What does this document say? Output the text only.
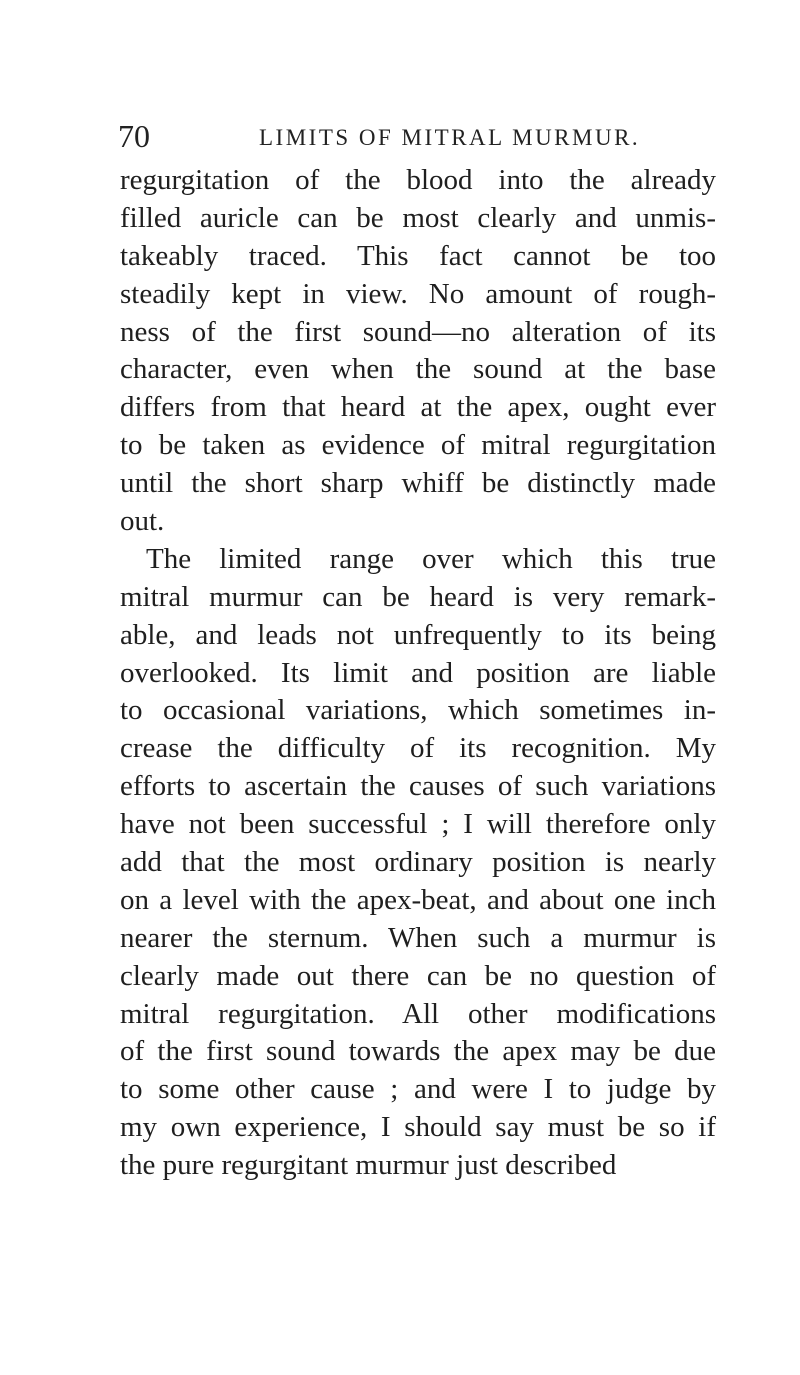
70	LIMITS OF MITRAL MURMUR.
regurgitation of the blood into the already
filled auricle can be most clearly and unmis-
takeably traced. This fact cannot be too
steadily kept in view. No amount of rough-
ness of the first sound—no alteration of its
character, even when the sound at the base
differs from that heard at the apex, ought ever
to be taken as evidence of mitral regurgitation
until the short sharp whiff be distinctly made
out.
The limited range over which this true
mitral murmur can be heard is very remark-
able, and leads not unfrequently to its being
overlooked. Its limit and position are liable
to occasional variations, which sometimes in-
crease the difficulty of its recognition. My
efforts to ascertain the causes of such variations
have not been successful ; I will therefore only
add that the most ordinary position is nearly
on a level with the apex-beat, and about one inch
nearer the sternum. When such a murmur is
clearly made out there can be no question of
mitral regurgitation. All other modifications
of the first sound towards the apex may be due
to some other cause ; and were I to judge by
my own experience, I should say must be so if
the pure regurgitant murmur just described
